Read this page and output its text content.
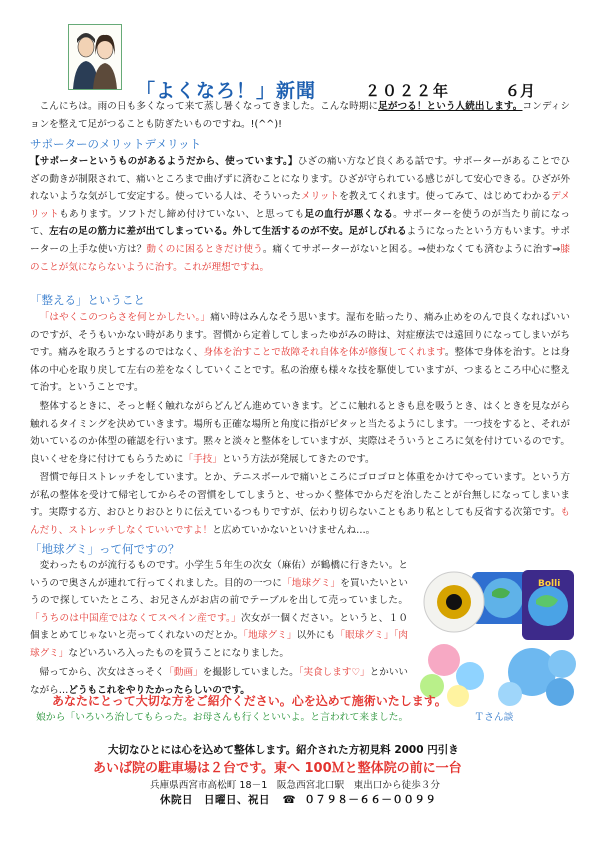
「よくなろ！」新聞	２０２２年	６月
こんにちは。雨の日も多くなって来て蒸し暑くなってきました。こんな時期に足がつる！という人続出します。コンディションを整えて足がつることも防ぎたいものですね。!(^^)!
サポーターのメリットデメリット
【サポーターというものがあるようだから、使っています。】ひざの痛い方など良くある話です。サポーターがあることでひざの動きが制限されて、痛いところまで曲げずに済むことになります。ひざが守られている感じがして安心できる。ひざが外れないような気がして安定する。使っている人は、そういったメリットを教えてくれます。使ってみて、はじめてわかるデメリットもあります。ソフトだし締め付けていない、と思っても足の血行が悪くなる。サポーターを使うのが当たり前になって、左右の足の筋力に差が出てしまっている。外して生活するのが不安。足がしびれるようになったという方もいます。サポーターの上手な使い方は？動くのに困るときだけ使う。痛くてサポーターがないと困る。⇒使わなくても済むように治す⇒膝のことが気にならないように治す。これが理想ですね。
「整える」ということ
「はやくこのつらさを何とかしたい。」痛い時はみんなそう思います。湿布を貼ったり、痛み止めをのんで良くなればいいのですが、そうもいかない時があります。習慣から定着してしまったゆがみの時は、対症療法では遠回りになってしまいがちです。痛みを取ろうとするのではなく、身体を治すことで故障それ自体を体が修復してくれます。整体で身体を治す。とは身体の中心を取り戻して左右の差をなくしていくことです。私の治療も様々な技を駆使していますが、つまるところ中心に整えて治す。ということです。
整体するときに、そっと軽く触れながらどんどん進めていきます。どこに触れるときも息を吸うとき、はくときを見ながら触れるタイミングを決めていきます。場所も正確な場所と角度に指がピタッと当たるようにします。一つ技をすると、それが効いているのか体型の確認を行います。黙々と淡々と整体をしていますが、実際はそういうところに気を付けているのです。良いくせを身に付けてもらうために「手技」という方法が発展してきたのです。
習慣で毎日ストレッチをしています。とか、テニスボールで痛いところにゴロゴロと体重をかけてやっています。という方が私の整体を受けて帰宅してからその習慣をしてしまうと、せっかく整体でからだを治したことが台無しになってしまいます。実際する方、おひとりおひとりに伝えているつもりですが、伝わり切らないこともあり私としても反省する次第です。もんだり、ストレッチしなくていいですよ！と広めていかないといけませんね…。
「地球グミ」って何ですの？
変わったものが流行るものです。小学生５年生の次女（麻佑）が鶴橋に行きたい。というので奥さんが連れて行ってくれました。目的の一つに「地球グミ」を買いたいというので探していたところ、お兄さんがお店の前でテーブルを出して売っていました。「うちのは中国産ではなくてスペイン産です。」次女が一個ください。というと、１０個まとめてじゃないと売ってくれないのだとか。「地球グミ」以外にも「眼球グミ」「肉球グミ」などいろいろ入ったものを買うことになりました。
帰ってから、次女はさっそく「動画」を撮影していました。「実食します♡」とかいいながら…どうもこれをやりたかったらしいのです。
Bolli
あなたにとって大切な方をご紹介ください。心を込めて施術いたします。
娘から「いろいろ治してもらった。お母さんも行くといいよ。と言われて来ました。	Ｔさん談
大切なひとには心を込めて整体します。紹介された方初見料 2000 円引き
あいば院の駐車場は２台です。東へ 100Ｍと整体院の前に一台
兵庫県西宮市高松町 18－1　阪急西宮北口駅　東出口から徒歩３分
休院日　日曜日、祝日 ☎ ０７９８－６６－００９９
